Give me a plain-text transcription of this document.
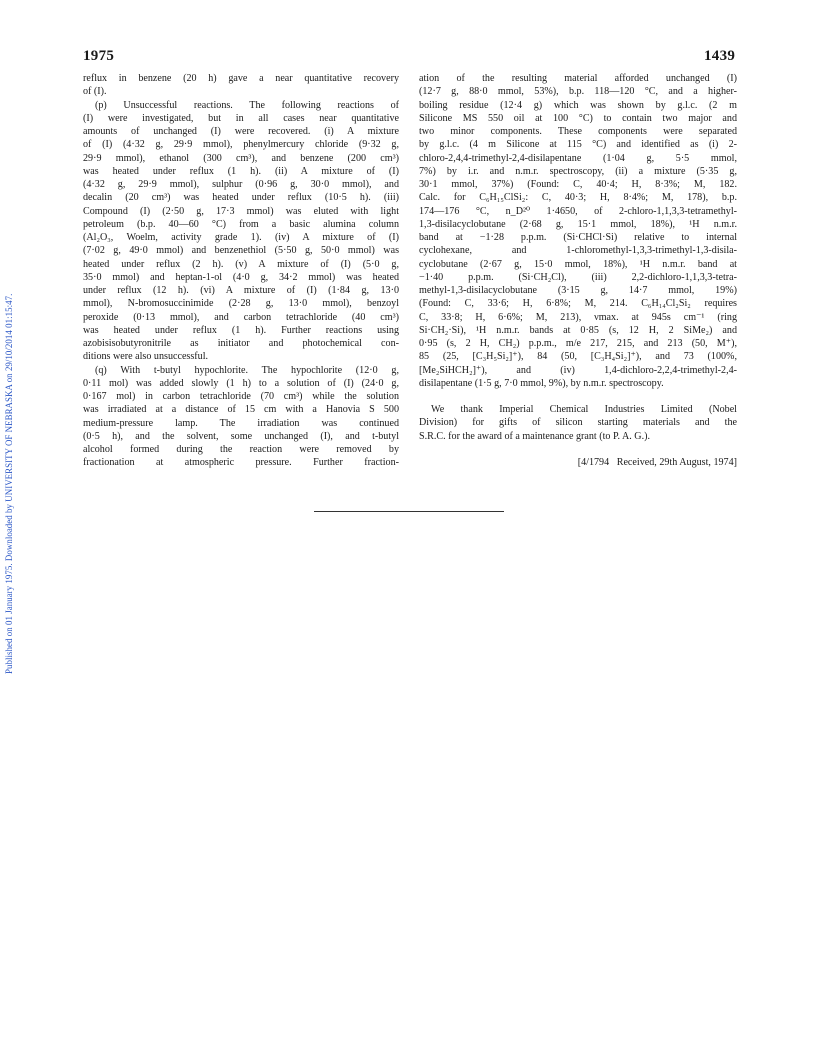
Published on 01 January 1975. Downloaded by UNIVERSITY OF NEBRASKA on 29/10/2014 01:15:47.
1975	1439
reflux in benzene (20 h) gave a near quantitative recovery
of (I).
(p) Unsuccessful reactions. The following reactions of
(I) were investigated, but in all cases near quantitative
amounts of unchanged (I) were recovered. (i) A mixture
of (I) (4·32 g, 29·9 mmol), phenylmercury chloride (9·32 g,
29·9 mmol), ethanol (300 cm³), and benzene (200 cm³)
was heated under reflux (1 h). (ii) A mixture of (I)
(4·32 g, 29·9 mmol), sulphur (0·96 g, 30·0 mmol), and
decalin (20 cm³) was heated under reflux (10·5 h). (iii)
Compound (I) (2·50 g, 17·3 mmol) was eluted with light
petroleum (b.p. 40—60 °C) from a basic alumina column
(Al₂O₃, Woelm, activity grade 1). (iv) A mixture of (I)
(7·02 g, 49·0 mmol) and benzenethiol (5·50 g, 50·0 mmol) was
heated under reflux (2 h). (v) A mixture of (I) (5·0 g,
35·0 mmol) and heptan-1-ol (4·0 g, 34·2 mmol) was heated
under reflux (12 h). (vi) A mixture of (I) (1·84 g, 13·0
mmol), N-bromosuccinimide (2·28 g, 13·0 mmol), benzoyl
peroxide (0·13 mmol), and carbon tetrachloride (40 cm³)
was heated under reflux (1 h). Further reactions using
azobisisobutyronitrile as initiator and photochemical con-
ditions were also unsuccessful.
(q) With t-butyl hypochlorite. The hypochlorite (12·0 g,
0·11 mol) was added slowly (1 h) to a solution of (I) (24·0 g,
0·167 mol) in carbon tetrachloride (70 cm³) while the solution
was irradiated at a distance of 15 cm with a Hanovia S 500
medium-pressure lamp. The irradiation was continued
(0·5 h), and the solvent, some unchanged (I), and t-butyl
alcohol formed during the reaction were removed by
fractionation at atmospheric pressure. Further fraction-
ation of the resulting material afforded unchanged (I)
(12·7 g, 88·0 mmol, 53%), b.p. 118—120 °C, and a higher-
boiling residue (12·4 g) which was shown by g.l.c. (2 m
Silicone MS 550 oil at 100 °C) to contain two major and
two minor components. These components were separated
by g.l.c. (4 m Silicone at 115 °C) and identified as (i) 2-
chloro-2,4,4-trimethyl-2,4-disilapentane (1·04 g, 5·5 mmol,
7%) by i.r. and n.m.r. spectroscopy, (ii) a mixture (5·35 g,
30·1 mmol, 37%) (Found: C, 40·4; H, 8·3%; M, 182.
Calc. for C₆H₁₅ClSi₂: C, 40·3; H, 8·4%; M, 178), b.p.
174—176 °C, n_D²⁰ 1·4650, of 2-chloro-1,1,3,3-tetramethyl-
1,3-disilacyclobutane (2·68 g, 15·1 mmol, 18%), ¹H n.m.r.
band at −1·28 p.p.m. (Si·CHCl·Si) relative to internal
cyclohexane, and 1-chloromethyl-1,3,3-trimethyl-1,3-disila-
cyclobutane (2·67 g, 15·0 mmol, 18%), ¹H n.m.r. band at
−1·40 p.p.m. (Si·CH₂Cl), (iii) 2,2-dichloro-1,1,3,3-tetra-
methyl-1,3-disilacyclobutane (3·15 g, 14·7 mmol, 19%)
(Found: C, 33·6; H, 6·8%; M, 214. C₆H₁₄Cl₂Si₂ requires
C, 33·8; H, 6·6%; M, 213), νmax. at 945s cm⁻¹ (ring
Si·CH₂·Si), ¹H n.m.r. bands at 0·85 (s, 12 H, 2 SiMe₂) and
0·95 (s, 2 H, CH₂) p.p.m., m/e 217, 215, and 213 (50, M⁺),
85 (25, [C₃H₅Si₂]⁺), 84 (50, [C₃H₄Si₂]⁺), and 73 (100%,
[Me₂SiHCH₂]⁺), and (iv) 1,4-dichloro-2,2,4-trimethyl-2,4-
disilapentane (1·5 g, 7·0 mmol, 9%), by n.m.r. spectroscopy.
We thank Imperial Chemical Industries Limited (Nobel
Division) for gifts of silicon starting materials and the
S.R.C. for the award of a maintenance grant (to P. A. G.).
[4/1794   Received, 29th August, 1974]
